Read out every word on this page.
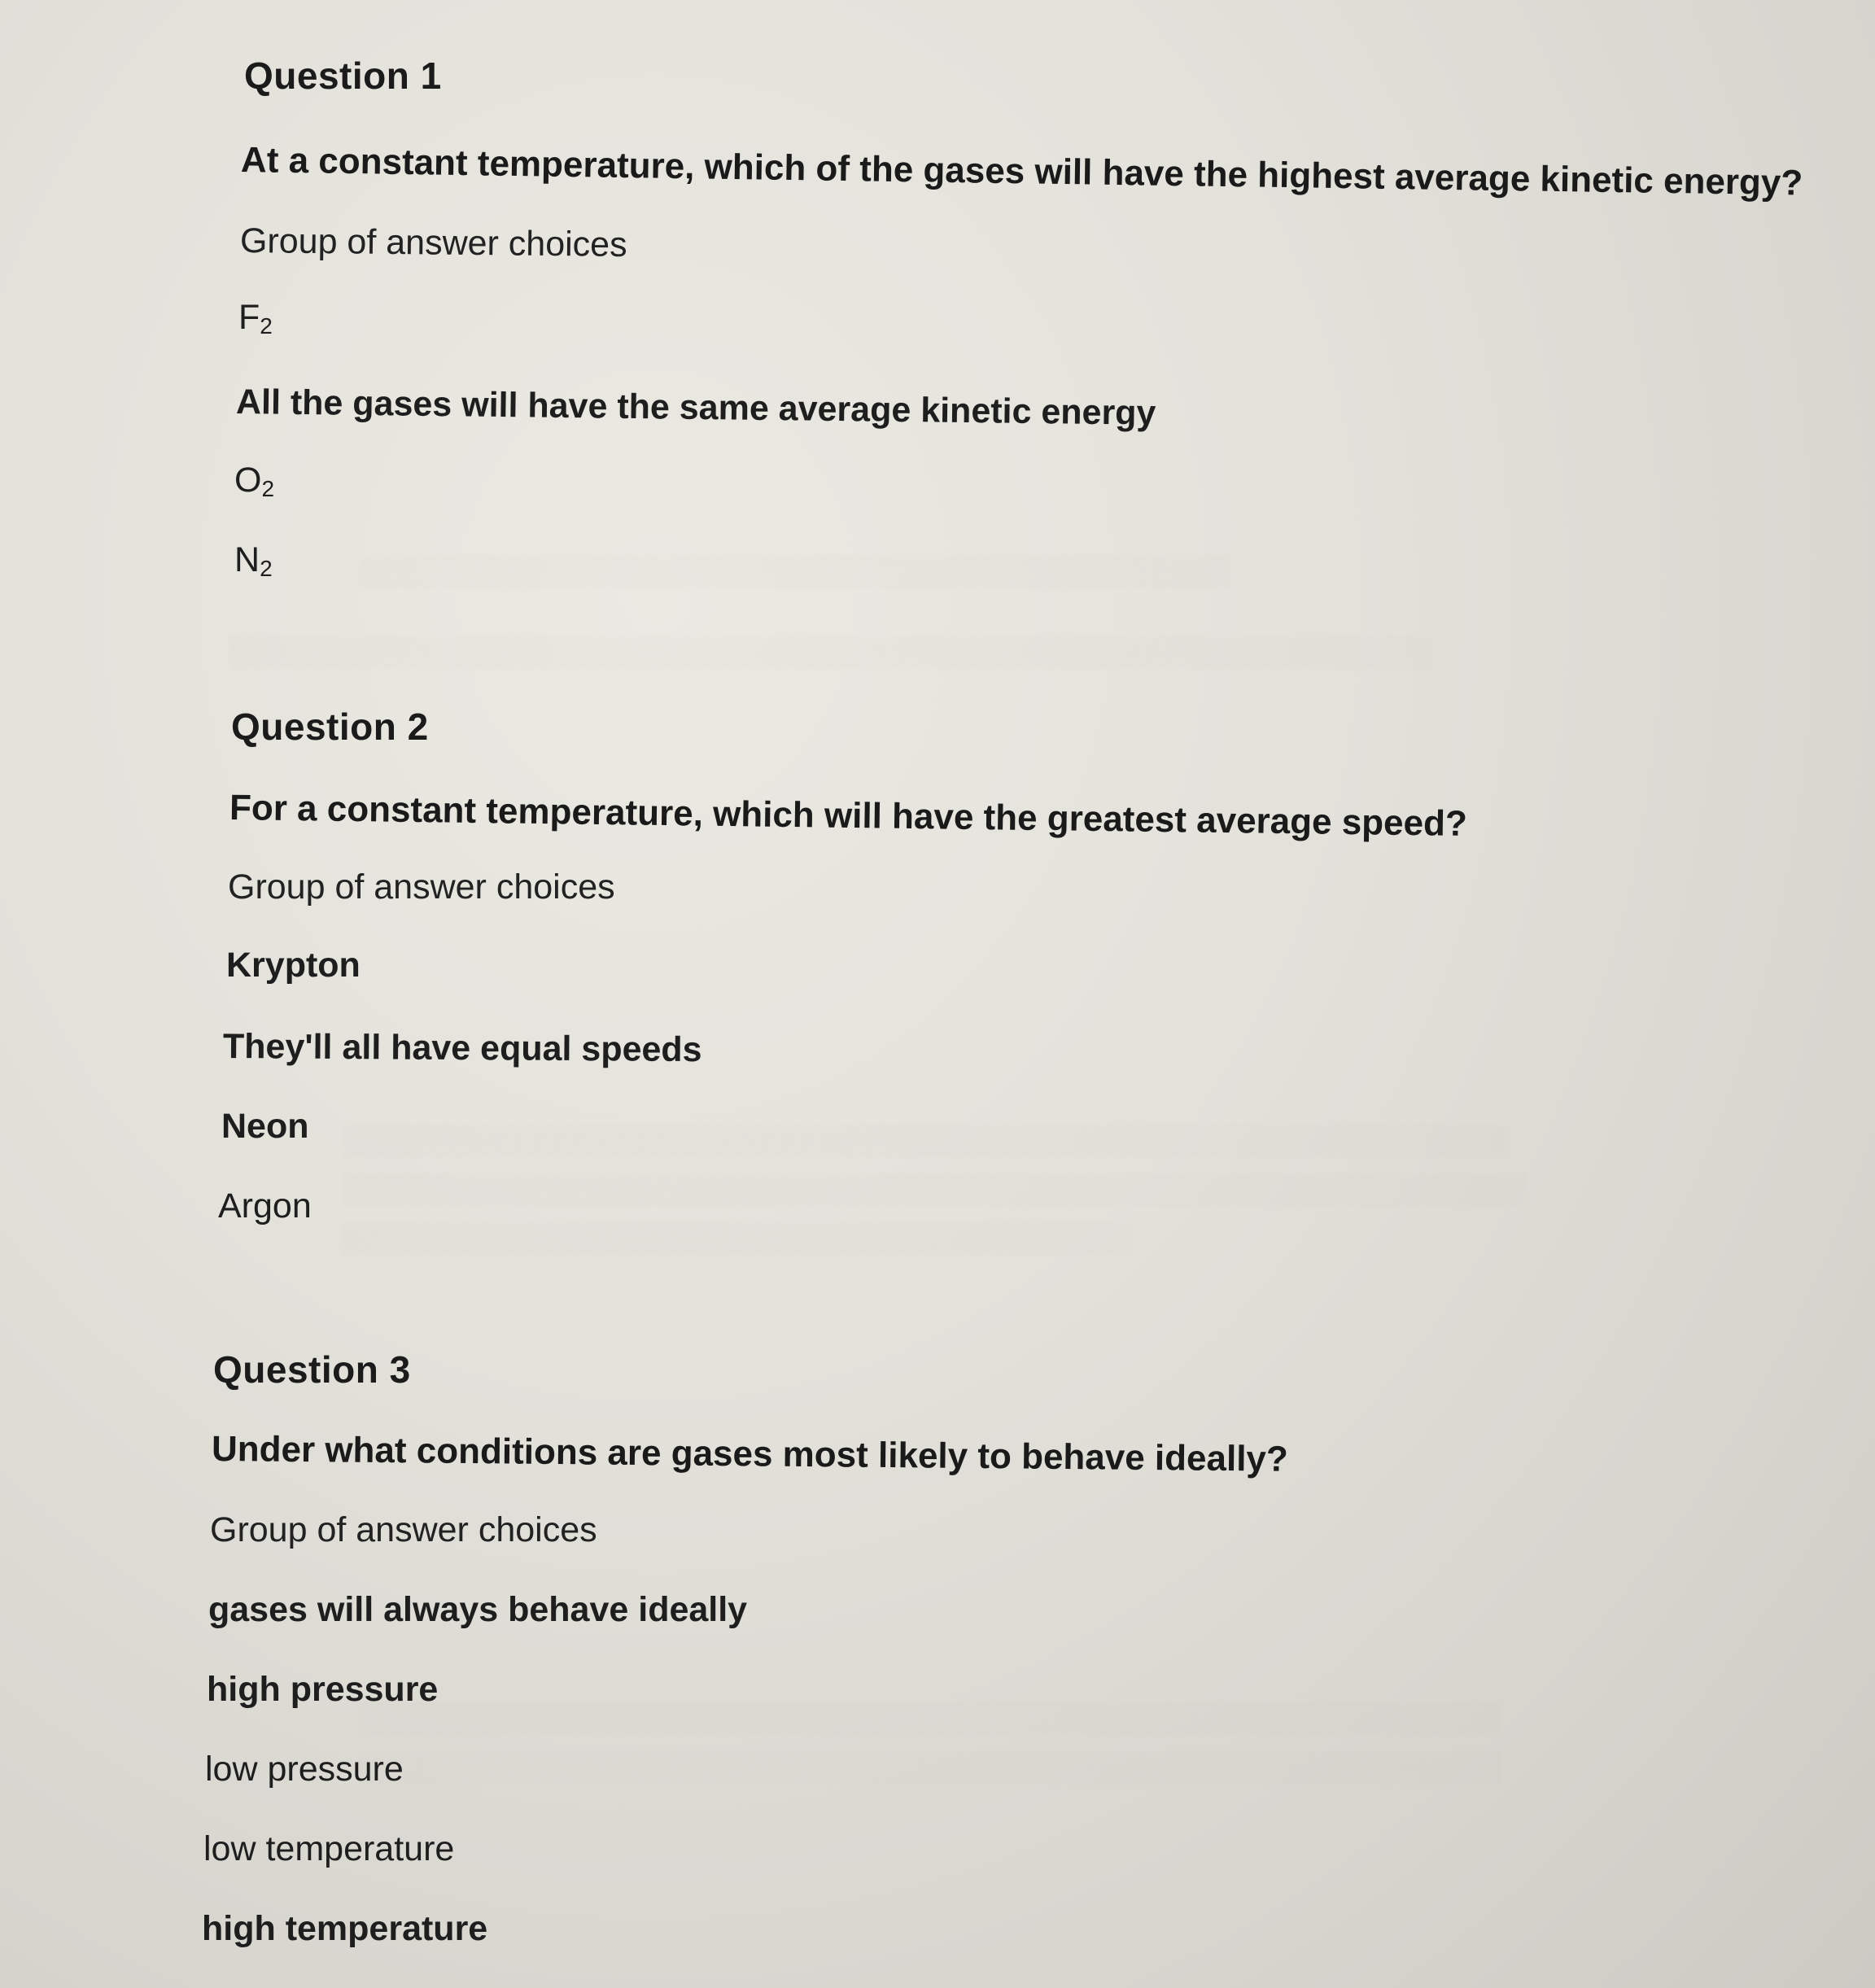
░░░░░░░░░░░░░░░░░░░░░░░░░░░░░░░░░░░░░░░░░░
░░░░░░░░░░░░░░░░░░░░░░░░░░░░░░░░░░░░░░░░░░░░░░░░░░░░░░░░░░
░░░░░░░░░░░░░░░░░░░░░░░░░░░░░░░░░░░░░░░░░░░░░░░░░░░░░░░░
░░░░░░░░░░░░░░░░░░░░░░░░░░░░░░░░░░░░░░░░░░░░░░░░░░░░░░░░░
░░░░░░░░░░░░░░░░░░░░░░░░░░░░░░░░░░░░░░
░░░░░░░░░░░░░░░░░░░░░░░░░░░░░░░░░░░░░░░░░░░░░░░░░░░░░░░
░░░░░░░░░░░░░░░░░░░░░░░░░░░░░░░░░░░░░░░░░░░░░░░░░░░░░░░
Question 1
At a constant temperature, which of the gases will have the highest average kinetic energy?
Group of answer choices
$F_2$
All the gases will have the same average kinetic energy
$O_2$
$N_2$
Question 2
For a constant temperature, which will have the greatest average speed?
Group of answer choices
Krypton
They'll all have equal speeds
Neon
Argon
Question 3
Under what conditions are gases most likely to behave ideally?
Group of answer choices
gases will always behave ideally
high pressure
low pressure
low temperature
high temperature
